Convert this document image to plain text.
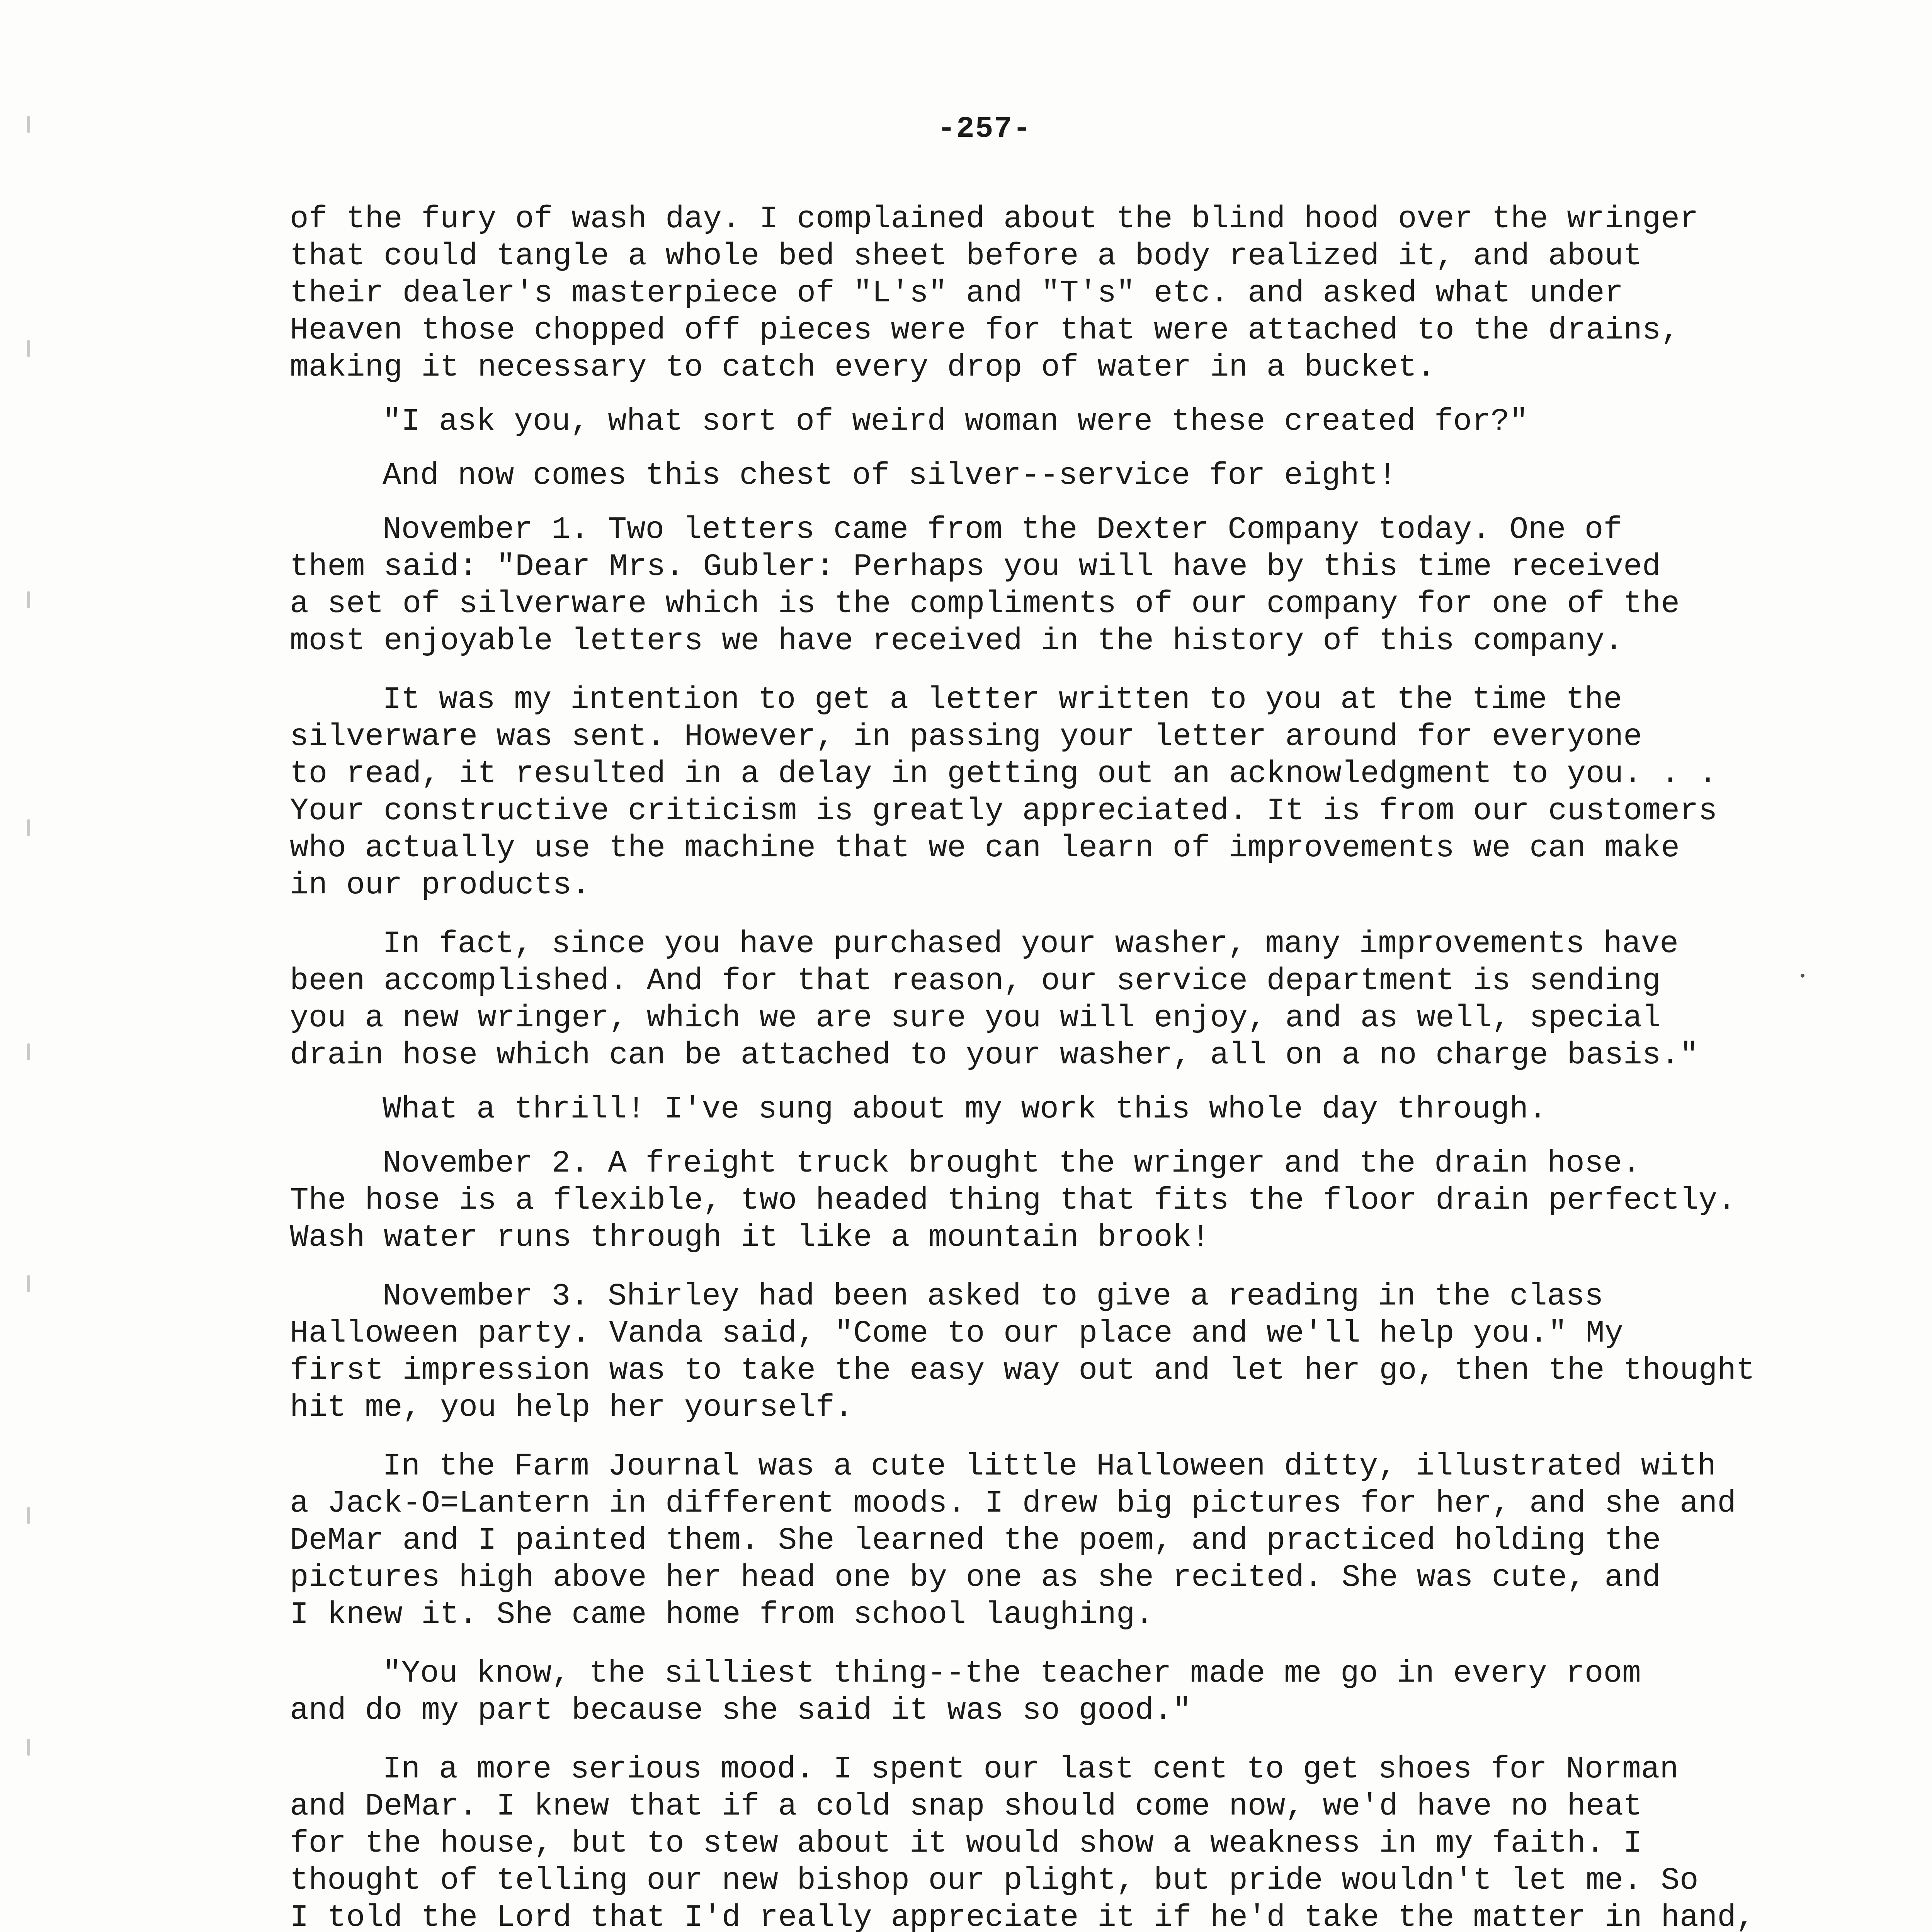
-257-

of the fury of wash day. I complained about the blind hood over the wringer
that could tangle a whole bed sheet before a body realized it, and about
their dealer's masterpiece of "L's" and "T's" etc. and asked what under
Heaven those chopped off pieces were for that were attached to the drains,
making it necessary to catch every drop of water in a bucket.

"I ask you, what sort of weird woman were these created for?"

And now comes this chest of silver--service for eight!

November 1. Two letters came from the Dexter Company today. One of
them said: "Dear Mrs. Gubler: Perhaps you will have by this time received
a set of silverware which is the compliments of our company for one of the
most enjoyable letters we have received in the history of this company.

It was my intention to get a letter written to you at the time the
silverware was sent. However, in passing your letter around for everyone
to read, it resulted in a delay in getting out an acknowledgment to you. . .
Your constructive criticism is greatly appreciated. It is from our customers
who actually use the machine that we can learn of improvements we can make
in our products.

In fact, since you have purchased your washer, many improvements have
been accomplished. And for that reason, our service department is sending
you a new wringer, which we are sure you will enjoy, and as well, special
drain hose which can be attached to your washer, all on a no charge basis."

What a thrill! I've sung about my work this whole day through.

November 2. A freight truck brought the wringer and the drain hose.
The hose is a flexible, two headed thing that fits the floor drain perfectly.
Wash water runs through it like a mountain brook!

November 3. Shirley had been asked to give a reading in the class
Halloween party. Vanda said, "Come to our place and we'll help you." My
first impression was to take the easy way out and let her go, then the thought
hit me, you help her yourself.

In the Farm Journal was a cute little Halloween ditty, illustrated with
a Jack-O=Lantern in different moods. I drew big pictures for her, and she and
DeMar and I painted them. She learned the poem, and practiced holding the
pictures high above her head one by one as she recited. She was cute, and
I knew it. She came home from school laughing.

"You know, the silliest thing--the teacher made me go in every room
and do my part because she said it was so good."

In a more serious mood. I spent our last cent to get shoes for Norman
and DeMar. I knew that if a cold snap should come now, we'd have no heat
for the house, but to stew about it would show a weakness in my faith. I
thought of telling our new bishop our plight, but pride wouldn't let me. So
I told the Lord that I'd really appreciate it if he'd take the matter in hand,
